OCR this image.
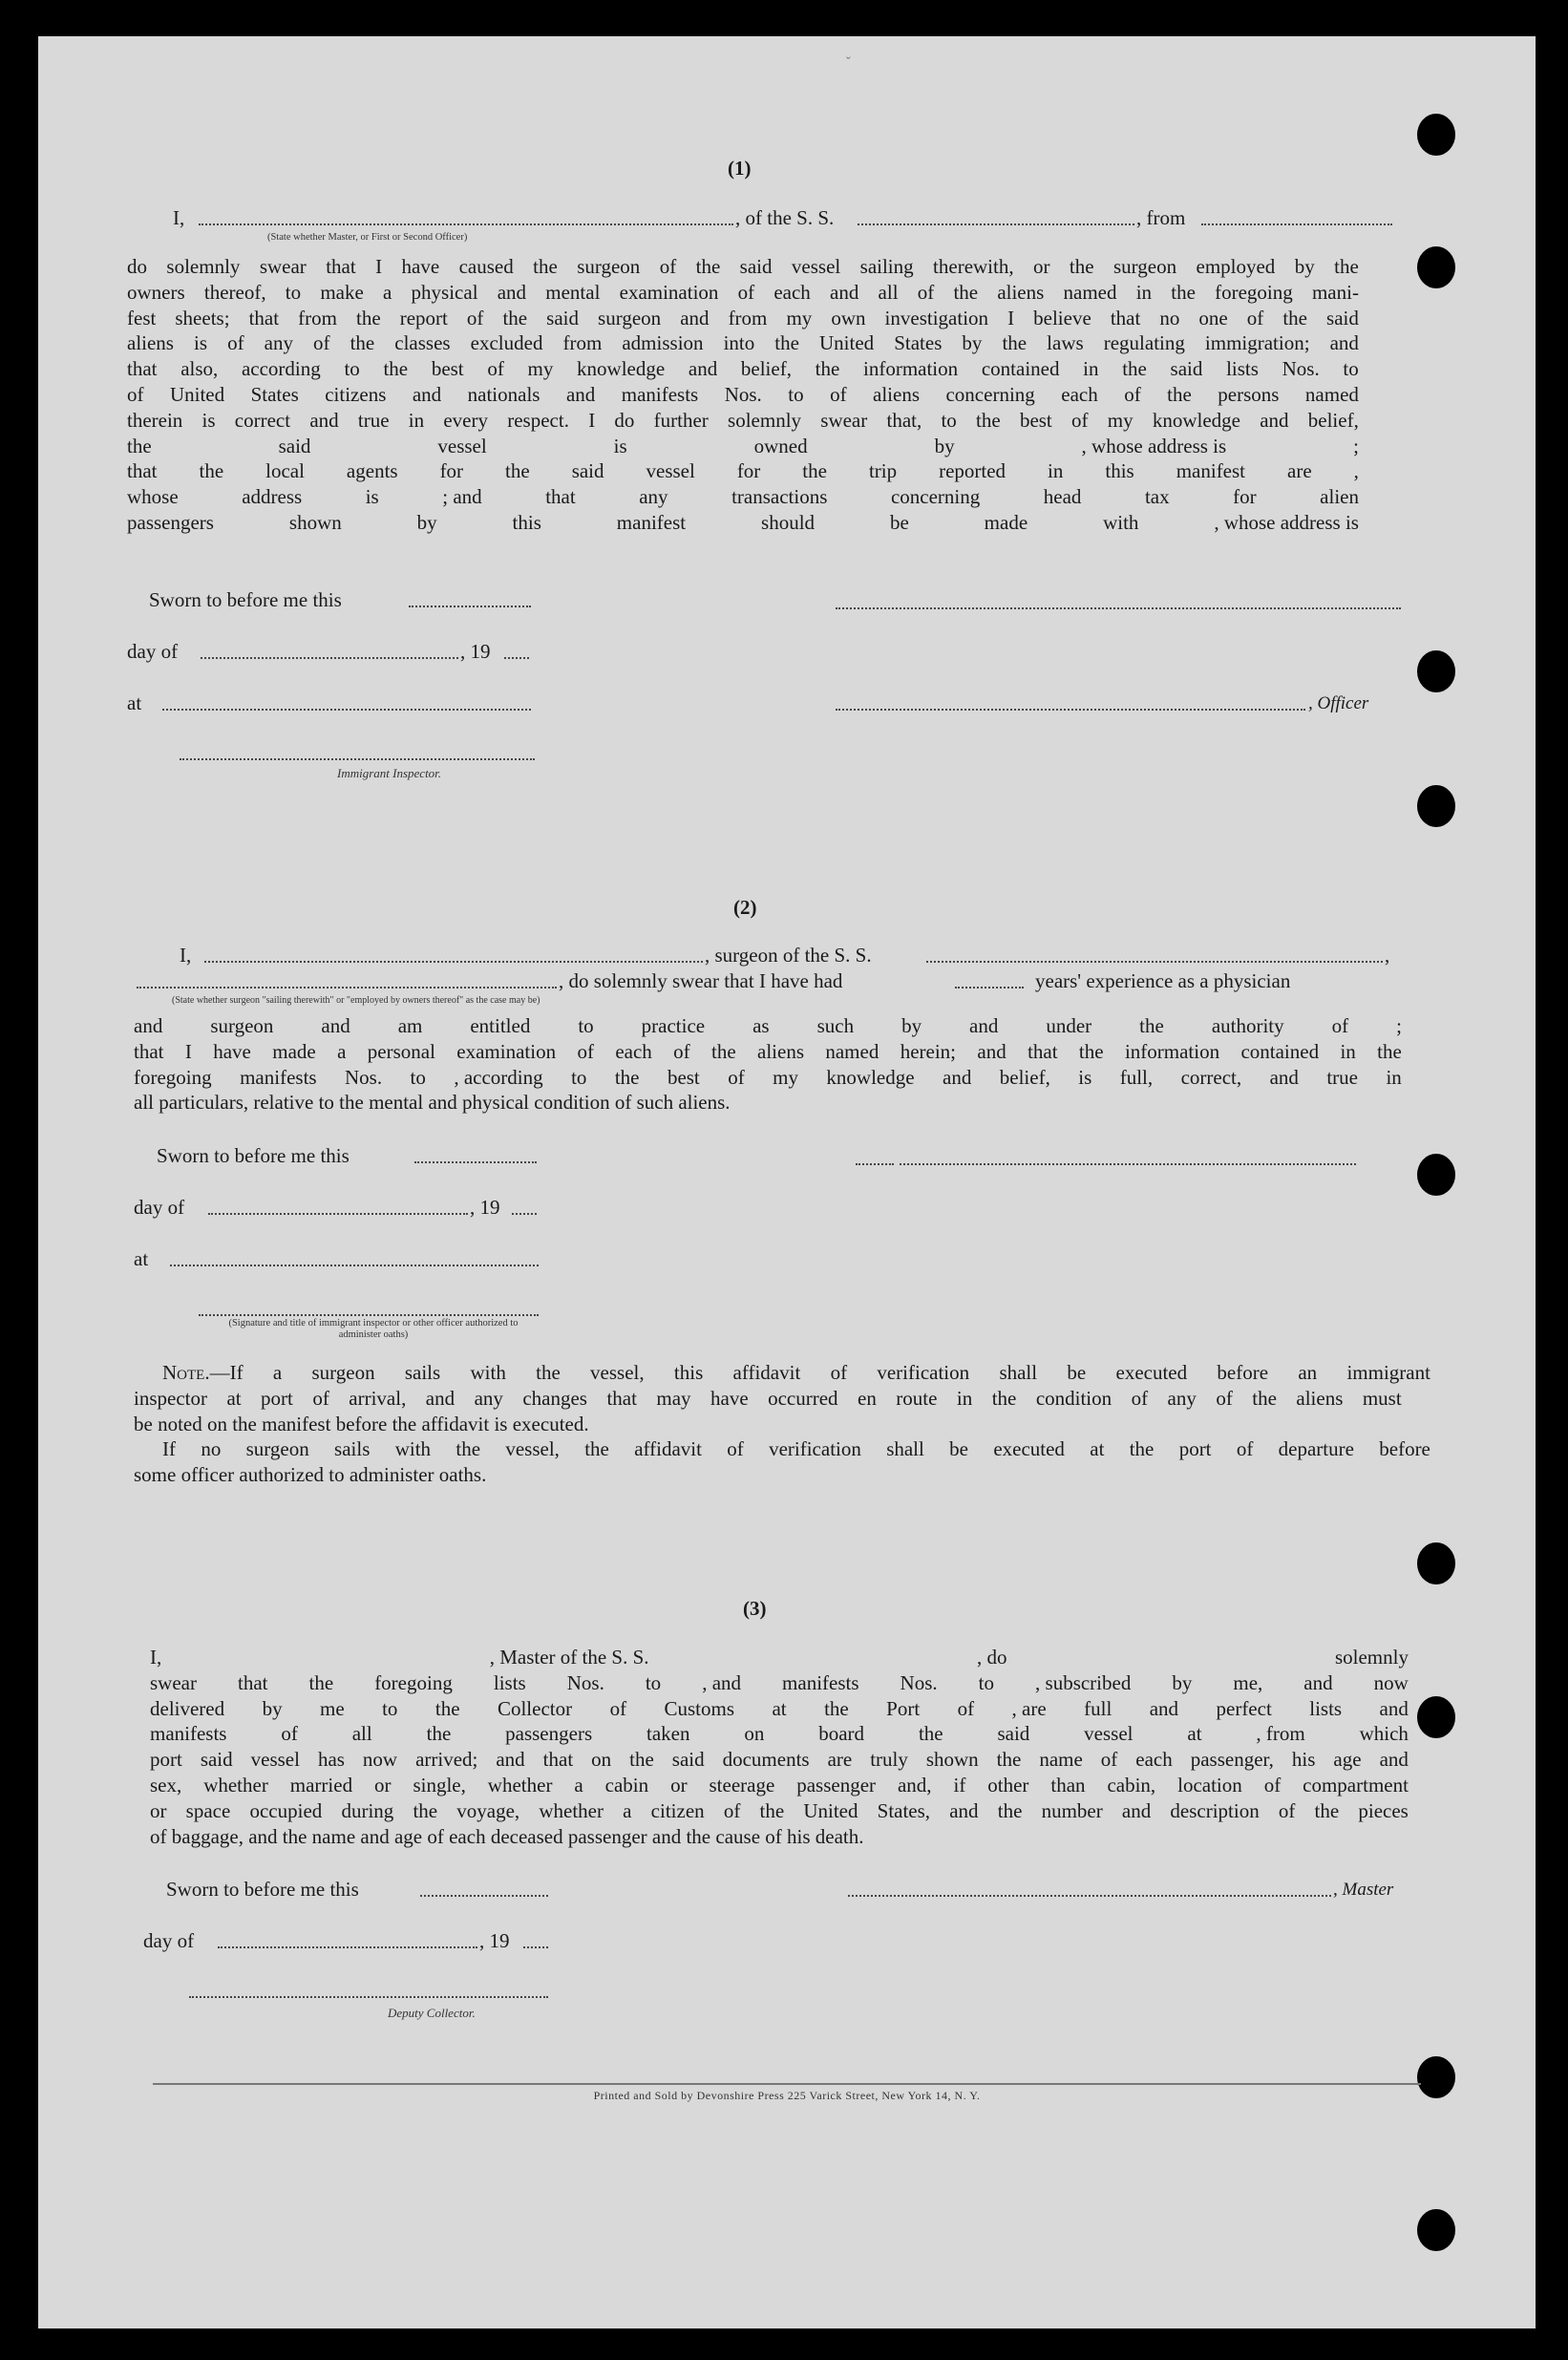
ˇ
(1)
I,	, of the S. S.	, from
(State whether Master, or First or Second Officer)
do solemnly swear that I have caused the surgeon of the said vessel sailing therewith, or the surgeon employed by the
owners thereof, to make a physical and mental examination of each and all of the aliens named in the foregoing mani-
fest sheets; that from the report of the said surgeon and from my own investigation I believe that no one of the said
aliens is of any of the classes excluded from admission into the United States by the laws regulating immigration; and
that also, according to the best of my knowledge and belief, the information contained in the said lists Nos. to
of United States citizens and nationals and manifests Nos. to of aliens concerning each of the persons named
therein is correct and true in every respect. I do further solemnly swear that, to the best of my knowledge and belief,
the	said	vessel	is	owned	by	, whose address is	;
that the local agents for the said vessel for the trip reported in this manifest are ,
whose	address	is	; and	that	any	transactions	concerning	head	tax	for	alien
passengers	shown	by	this	manifest	should	be	made	with	, whose address is
Sworn to before me this
day of	, 19
at	, Officer
Immigrant Inspector.
(2)
I,	, surgeon of the S. S.	,
, do solemnly swear that I have had	years' experience as a physician
(State whether surgeon "sailing therewith" or "employed by owners thereof" as the case may be)
and surgeon and am entitled to practice as such by and under the authority of ;
that I have made a personal examination of each of the aliens named herein; and that the information contained in the
foregoing manifests Nos. to , according to the best of my knowledge and belief, is full, correct, and true in
all particulars, relative to the mental and physical condition of such aliens.
Sworn to before me this
day of	, 19
at
(Signature and title of immigrant inspector or other officer authorized to administer oaths)
Note.—If a surgeon sails with the vessel, this affidavit of verification shall be executed before an immigrant
inspector at port of arrival, and any changes that may have occurred en route in the condition of any of the aliens must
be noted on the manifest before the affidavit is executed.
If no surgeon sails with the vessel, the affidavit of verification shall be executed at the port of departure before
some officer authorized to administer oaths.
(3)
I,	, Master of the S. S.	, do	solemnly
swear that the foregoing lists Nos. to , and manifests Nos. to , subscribed by me, and now
delivered by me to the Collector of Customs at the Port of , are full and perfect lists and
manifests	of	all	the	passengers	taken	on	board	the	said	vessel	at	, from	which
port said vessel has now arrived; and that on the said documents are truly shown the name of each passenger, his age and
sex, whether married or single, whether a cabin or steerage passenger and, if other than cabin, location of compartment
or space occupied during the voyage, whether a citizen of the United States, and the number and description of the pieces
of baggage, and the name and age of each deceased passenger and the cause of his death.
Sworn to before me this	, Master
day of	, 19
Deputy Collector.
Printed and Sold by Devonshire Press 225 Varick Street, New York 14, N. Y.
